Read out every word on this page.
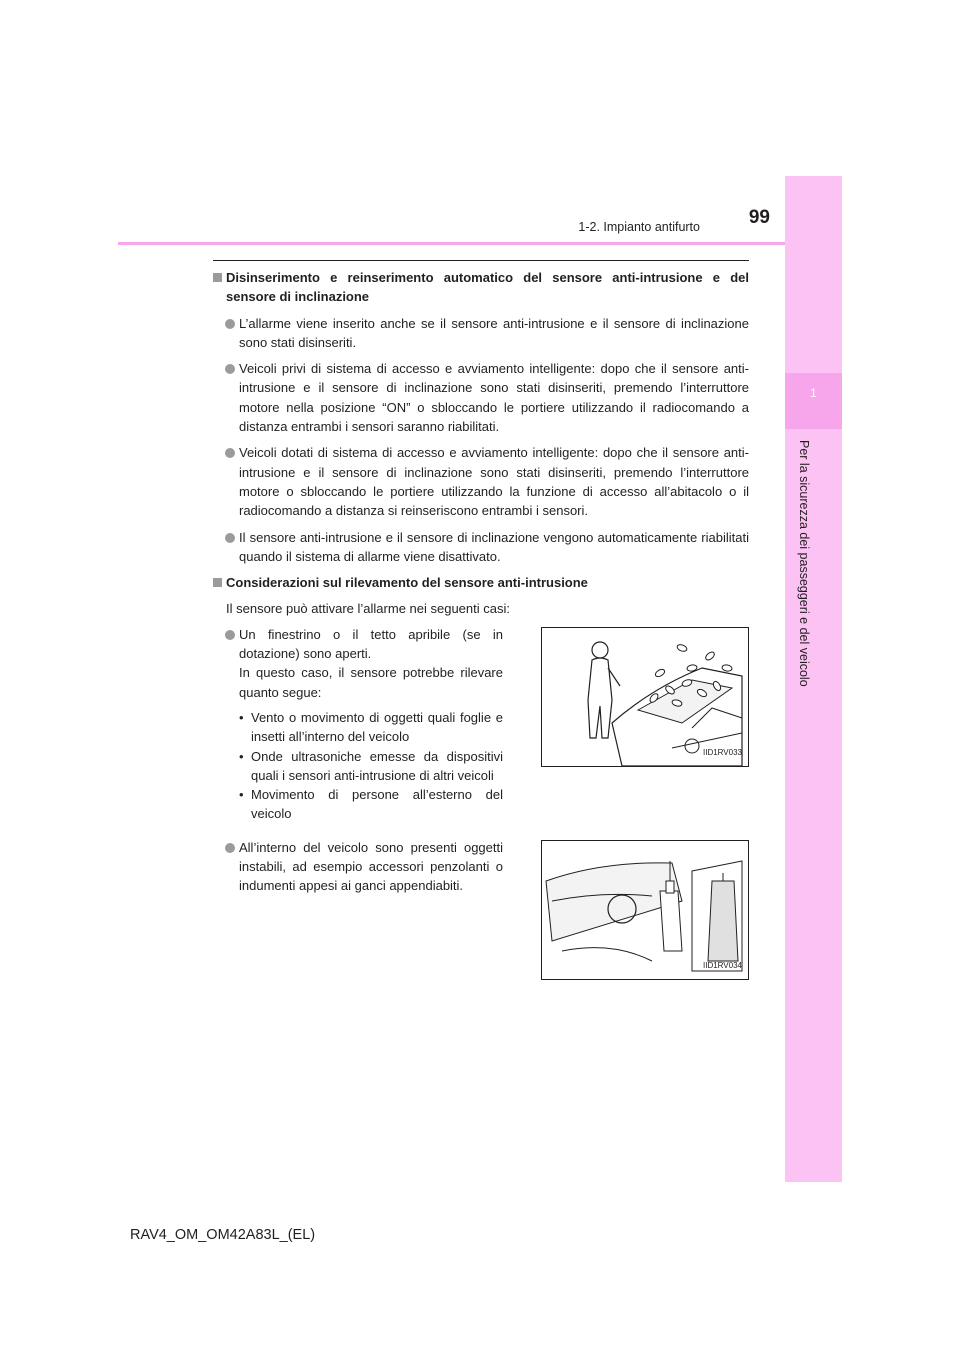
1
Per la sicurezza dei passeggeri e del veicolo
99
1-2. Impianto antifurto
Disinserimento e reinserimento automatico del sensore anti-intrusione e del sensore di inclinazione
L’allarme viene inserito anche se il sensore anti-intrusione e il sensore di inclinazione sono stati disinseriti.
Veicoli privi di sistema di accesso e avviamento intelligente: dopo che il sensore anti-intrusione e il sensore di inclinazione sono stati disinseriti, premendo l’interruttore motore nella posizione “ON” o sbloccando le portiere utilizzando il radiocomando a distanza entrambi i sensori saranno riabilitati.
Veicoli dotati di sistema di accesso e avviamento intelligente: dopo che il sensore anti-intrusione e il sensore di inclinazione sono stati disinseriti, premendo l’interruttore motore o sbloccando le portiere utilizzando la funzione di accesso all’abitacolo o il radiocomando a distanza si reinseriscono entrambi i sensori.
Il sensore anti-intrusione e il sensore di inclinazione vengono automaticamente riabilitati quando il sistema di allarme viene disattivato.
Considerazioni sul rilevamento del sensore anti-intrusione
Il sensore può attivare l’allarme nei seguenti casi:
Un finestrino o il tetto apribile (se in dotazione) sono aperti.
In questo caso, il sensore potrebbe rilevare quanto segue:
• Vento o movimento di oggetti quali foglie e insetti all’interno del veicolo
• Onde ultrasoniche emesse da dispositivi quali i sensori anti-intrusione di altri veicoli
• Movimento di persone all’esterno del veicolo
IID1RV033
All’interno del veicolo sono presenti oggetti instabili, ad esempio accessori penzolanti o indumenti appesi ai ganci appendiabiti.
IID1RV034
RAV4_OM_OM42A83L_(EL)
